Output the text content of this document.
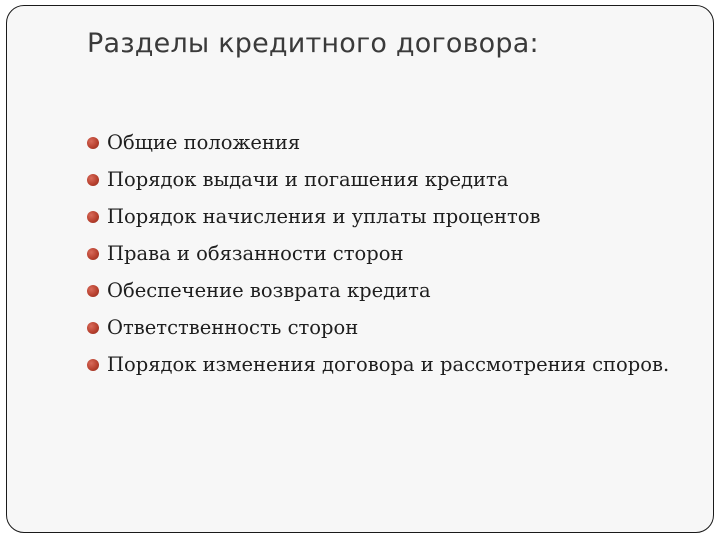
Разделы кредитного договора:
Общие положения
Порядок выдачи и погашения кредита
Порядок начисления и уплаты процентов
Права и обязанности сторон
Обеспечение возврата кредита
Ответственность сторон
Порядок изменения договора и рассмотрения споров.
